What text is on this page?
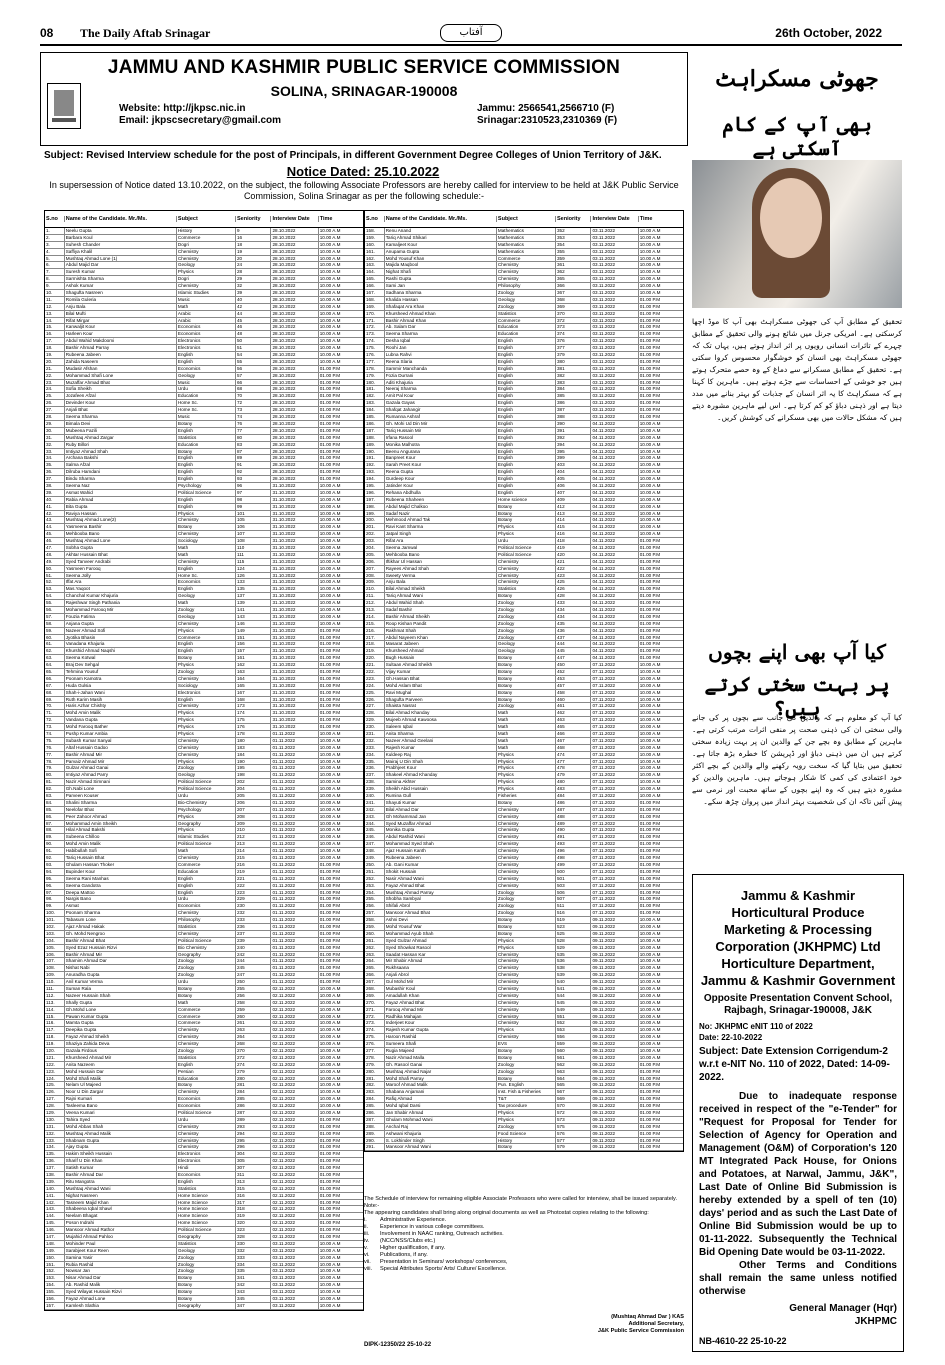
08 The Daily Aftab Srinagar	آفتاب	26th October, 2022
JAMMU AND KASHMIR PUBLIC SERVICE COMMISSION
SOLINA, SRINAGAR-190008
Website: http://jkpsc.nic.in
Email: jkpscsecretary@gmail.com
Jammu: 2566541,2566710 (F)
Srinagar:2310523,2310369 (F)
Subject: Revised Interview schedule for the post of Principals, in different Government Degree Colleges of Union Territory of J&K.
Notice Dated: 25.10.2022
In supersession of Notice dated 13.10.2022, on the subject, the following Associate Professors are hereby called for interview to be held at J&K Public Service Commission, Solina Srinagar as per the following schedule:-
S.no	Name of the Candidate. Mr./Ms.	Subject	Seniority	Interview Date	Time
1.	Neelu Gupta	History	9	28.10.2022	10.00 A.M
2.	Barbara Koul	Commerce	16	28.10.2022	10.00 A.M
3.	Suhesh Chander	Dogri	18	28.10.2022	10.00 A.M
4.	Saffiya Khalil	Chemistry	19	28.10.2022	10.00 A.M
5.	Mushtaq Ahmad Lone (1)	Chemistry	20	28.10.2022	10.00 A.M
6.	Abdul Majid Dar	Geology	24	28.10.2022	10.00 A.M
7.	Suresh Kumar	Physics	28	28.10.2022	10.00 A.M
8.	Sarmishta Sharma	Dogri	29	28.10.2022	10.00 A.M
9.	Ashok Kumar	Chemistry	32	28.10.2022	10.00 A.M
10.	Shagufta Nasreen	Islamic Studies	39	28.10.2022	10.00 A.M
11.	Romila Guleria	Music	40	28.10.2022	10.00 A.M
12.	Anju Bala	Math	42	28.10.2022	10.00 A.M
13.	Bilal Mufti	Arabic	44	28.10.2022	10.00 A.M
14.	Rifat Mirgar	Arabic	45	28.10.2022	10.00 A.M
15.	Kanwaljit Kour	Economics	46	28.10.2022	10.00 A.M
16.	Harleen Kour	Economics	48	28.10.2022	10.00 A.M
17.	Abdul Wahid Makdoomi	Electronics	50	28.10.2022	10.00 A.M
18.	Bashir Ahmad Parray	Electronics	51	28.10.2022	10.00 A.M
19.	Rubeena Jabeen	English	54	28.10.2022	10.00 A.M
20.	Zahida Naseem	English	55	28.10.2022	10.00 A.M
21.	Mudasir Afshan	Economics	56	28.10.2022	01.00 P.M
22.	Mohammad Shafi Lone	Geology	57	28.10.2022	01.00 P.M
23.	Muzaffar Ahmad Bhat	Music	66	28.10.2022	01.00 P.M
24.	Sofia Sheikh	Urdu	68	28.10.2022	01.00 P.M
25.	Jozafeen Afzal	Education	70	28.10.2022	01.00 P.M
26.	Devinder Kour	Home Sc.	72	28.10.2022	01.00 P.M
27.	Anjali Bhat	Home Sc.	73	28.10.2022	01.00 P.M
28.	Seema Sharma	Music	74	28.10.2022	01.00 P.M
29.	Bimala Devi	Botany	76	28.10.2022	01.00 P.M
30.	Mubeena Fazili	English	77	28.10.2022	01.00 P.M
31.	Mushtaq Ahmad Zargar	Statistics	80	28.10.2022	01.00 P.M
32.	Ruby Billori	Education	83	28.10.2022	01.00 P.M
33.	Imtiyaz Ahmad Shah	Botany	87	28.10.2022	01.00 P.M
34.	Archana Bakshi	English	89	28.10.2022	01.00 P.M
35.	Salma Afzal	English	91	28.10.2022	01.00 P.M
36.	Dilruba Hamdani	English	92	28.10.2022	01.00 P.M
37.	Bindu Sharma	English	93	28.10.2022	01.00 P.M
38.	Seema Naz	Psychology	96	31.10.2022	10.00 A.M
39.	Asmat Wahid	Political Science	97	31.10.2022	10.00 A.M
40.	Rabia Ahmad	English	98	31.10.2022	10.00 A.M
41.	Bita Gupta	English	99	31.10.2022	10.00 A.M
42.	Raviya Hassan	Physics	101	31.10.2022	10.00 A.M
43.	Mushtaq Ahmad Lone(2)	Chemistry	105	31.10.2022	10.00 A.M
44.	Yasmeena Bashir	Botany	106	31.10.2022	10.00 A.M
45.	Mehbooba Bano	Chemistry	107	31.10.2022	10.00 A.M
46.	Mushtaq Ahmad Lone	Sociology	108	31.10.2022	10.00 A.M
47.	Sobha Gupta	Math	110	31.10.2022	10.00 A.M
48.	Akhtar Hussain Bhat	Math	111	31.10.2022	10.00 A.M
49.	Syed Tanveer Andrabi	Chemistry	115	31.10.2022	10.00 A.M
50.	Yasmeen Farooq	English	124	31.10.2022	10.00 A.M
51.	Seema Jolly	Home Sc.	126	31.10.2022	10.00 A.M
52.	Iffat Ara	Economics	133	31.10.2022	10.00 A.M
53.	Mas.Yaqoot	English	135	31.10.2022	10.00 A.M
54.	Chanchal Kumar Khajuria	Geology	137	31.10.2022	10.00 A.M
55.	Rajeshwar Singh Pathania	Math	139	31.10.2022	10.00 A.M
56.	Mohammad Farooq Mir	Zoology	141	31.10.2022	10.00 A.M
57.	Fouzia Fatima	Geology	143	31.10.2022	10.00 A.M
58.	Anjana Gupta	Chemistry	146	31.10.2022	10.00 A.M
59.	Nazeer Ahmad Sofi	Physics	149	31.10.2022	01.00 P.M
60.	Jyotika Bhasin	Commerce	151	31.10.2022	01.00 P.M
61.	Vanadana Khajuria	English	156	31.10.2022	01.00 P.M
62.	Khurshid Ahmad Naqshi	English	157	31.10.2022	01.00 P.M
63.	Seema Kotwal	Botany	161	31.10.2022	01.00 P.M
64.	Braj Dev Sehgal	Physics	162	31.10.2022	01.00 P.M
65.	Tehmina Yousuf	Zoology	163	31.10.2022	01.00 P.M
66.	Poonam Kamotra	Chemistry	164	31.10.2022	01.00 P.M
67.	Huda Gulsia	Sociology	165	31.10.2022	01.00 P.M
68.	Shah-i-Jahan Wani	Electronics	167	31.10.2022	01.00 P.M
69.	Ruth Karim Masih	English	168	31.10.2022	01.00 P.M
70.	Haris Azhar Chishty	Chemistry	173	31.10.2022	01.00 P.M
71.	Mohd Amin Malik	Physics	174	31.10.2022	01.00 P.M
72.	Vandana Gupta	Physics	175	31.10.2022	01.00 P.M
73.	Mohd Farooq Bather	Physics	176	31.10.2022	01.00 P.M
74.	Pushp Kumar Ambia	Physics	178	01.11.2022	10.00 A.M
75.	Subash Kumar Sanyal	Chemistry	180	01.11.2022	10.00 A.M
76.	Altaf Hussain Gadoo	Chemistry	183	01.11.2022	10.00 A.M
77.	Bashir Ahmad Mir	Chemistry	184	01.11.2022	10.00 A.M
78.	Parvaiz Ahmad Mir	Physics	190	01.11.2022	10.00 A.M
79.	Gulzar Ahmad Ganai	Zoology	195	01.11.2022	10.00 A.M
80.	Imtiyaz Ahmad Parry	Geology	198	01.11.2022	10.00 A.M
81.	Nazir Ahmad Simnani	Political Science	202	01.11.2022	10.00 A.M
82.	Gh.Nabi Lone	Political Science	204	01.11.2022	10.00 A.M
83.	Parveen Kouser	Urdu	205	01.11.2022	10.00 A.M
84.	Shalini Sharma	Bio-Chemistry	206	01.11.2022	10.00 A.M
85.	Neelofar Bhat	Psychology	207	01.11.2022	10.00 A.M
86.	Peer Zahoor Ahmad	Physics	208	01.11.2022	10.00 A.M
87.	Mohammad Amin Sheikh	Geography	209	01.11.2022	10.00 A.M
88.	Hilal Ahmad Bakshi	Physics	210	01.11.2022	10.00 A.M
89.	Subeena Chilloo	Islamic Studies	212	01.11.2022	10.00 A.M
90.	Mohd Amin Malik	Political Science	213	01.11.2022	10.00 A.M
91.	Habibullah Sofi	Math	214	01.11.2022	10.00 A.M
92.	Tariq Hussain Bhat	Chemistry	215	01.11.2022	10.00 A.M
93.	Ghulam Hassan Thoker	Commerce	216	01.11.2022	01.00 P.M
94.	Bupinder Kour	Education	219	01.11.2022	01.00 P.M
95.	Seema Rani Manhas	English	221	01.11.2022	01.00 P.M
96.	Seema Gandotra	English	222	01.11.2022	01.00 P.M
97.	Deepa Mattoo	English	223	01.11.2022	01.00 P.M
98.	Nargis Bano	Urdu	229	01.11.2022	01.00 P.M
99.	Asmat	Economics	230	01.11.2022	01.00 P.M
100.	Poonam Sharma	Chemistry	232	01.11.2022	01.00 P.M
101.	Tabasum Lone	Philosophy	233	01.11.2022	01.00 P.M
102.	Ajaz Ahmad Hakak	Statistics	236	01.11.2022	01.00 P.M
103.	Gh. Mohd Nengroo	Chemistry	237	01.11.2022	01.00 P.M
104.	Bashir Ahmad Bhat	Political Science	239	01.11.2022	01.00 P.M
105.	Syed Ezaz Hussain Rizvi	Bio Chemistry	240	01.11.2022	01.00 P.M
106.	Bashir Ahmad Mir	Geography	242	01.11.2022	01.00 P.M
107.	Shamim Ahmad Dar	Zoology	244	01.11.2022	01.00 P.M
108.	Nishat Nabi	Zoology	245	01.11.2022	01.00 P.M
109.	Anuradha Gupta	Zoology	247	01.11.2022	01.00 P.M
110.	Anil Kumar Verma	Urdu	250	01.11.2022	01.00 P.M
111.	Suman Rala	Botany	255	02.11.2022	10.00 A.M
112.	Nazeer Hussain Shah	Botany	256	02.11.2022	10.00 A.M
113.	Shally Gupta	Math	258	02.11.2022	10.00 A.M
114.	Gh.Mohd Lone	Commerce	259	02.11.2022	10.00 A.M
115.	Pawan Kumar Gupta	Commerce	260	02.11.2022	10.00 A.M
116.	Mamta Gupta	Commerce	261	02.11.2022	10.00 A.M
117.	Deepika Gupta	Chemistry	263	02.11.2022	10.00 A.M
118.	Fayaz Ahmad Sheikh	Chemistry	264	02.11.2022	10.00 A.M
119.	Shaziya Zahida Deva	Chemistry	268	02.11.2022	10.00 A.M
120.	Gazala Firdous	Zoology	270	02.11.2022	10.00 A.M
121.	Khursheed Ahmad Mir	Statistics	272	02.11.2022	10.00 A.M
122.	Anita Nazeem	English	274	02.11.2022	10.00 A.M
123.	Mohd Hussain Dar	Persian	279	02.11.2022	10.00 A.M
124.	Mohd Shafi Malik	Education	280	02.11.2022	10.00 A.M
125.	Nelam Ul Majeed	Botany	281	02.11.2022	10.00 A.M
126.	Noor U Din Zargar	Chemistry	284	02.11.2022	10.00 A.M
127.	Rajni Kumari	Economics	285	02.11.2022	10.00 A.M
128.	Tasleema Bano	Economics	286	02.11.2022	10.00 A.M
129.	Veena Kumari	Political Science	287	02.11.2022	10.00 A.M
130.	Tahira Syed	Urdu	289	02.11.2022	01.00 P.M
131.	Mohd Abbas Shah	Chemistry	293	02.11.2022	01.00 P.M
132.	Mushtaq Ahmad Malik	Chemistry	294	02.11.2022	01.00 P.M
133.	Shabnam Gupta	Chemistry	295	02.11.2022	01.00 P.M
134.	Ajay Gupta	Chemistry	296	02.11.2022	01.00 P.M
135.	Hakim Sheikh Hussain	Electronics	304	02.11.2022	01.00 P.M
136.	Sharif U Din Khan	Electronics	305	02.11.2022	01.00 P.M
137.	Satish Kumar	Hindi	307	02.11.2022	01.00 P.M
138.	Bashir Ahmad Dar	Economics	311	02.11.2022	01.00 P.M
139.	Ritu Mangotra	English	313	02.11.2022	01.00 P.M
140.	Mushtaq Ahmad Wani	Statistics	315	02.11.2022	01.00 P.M
141.	Nighat Nasreen	Home Science	316	02.11.2022	01.00 P.M
142.	Tasneem Majid Khan	Home Science	317	02.11.2022	01.00 P.M
143.	Shabeena Iqbal Shawl	Home Science	318	02.11.2022	01.00 P.M
144.	Neelam Bhagat	Home Science	319	02.11.2022	01.00 P.M
145.	Poson Indrahi	Home Science	320	02.11.2022	01.00 P.M
146.	Mansoor Ahmad Rathor	Political Science	323	02.11.2022	01.00 P.M
147.	Mujahid Ahmad Pahloo	Geography	328	02.11.2022	01.00 P.M
148.	Mohinder Paul	Statistics	330	03.11.2022	10.00 A.M
149.	Sarabjeet Kour Reen	Geology	332	03.11.2022	10.00 A.M
150.	Samina Yasir	Zoology	333	03.11.2022	10.00 A.M
151.	Rubia Rashid	Zoology	334	03.11.2022	10.00 A.M
152.	Nowsar Jan	Zoology	335	03.11.2022	10.00 A.M
153.	Nisar Ahmad Dar	Botany	341	03.11.2022	10.00 A.M
154.	Ab. Rashid Malik	Botany	342	03.11.2022	10.00 A.M
155.	Syed Wilayat Hussain Rizvi	Botany	343	03.11.2022	10.00 A.M
156.	Fayaz Ahmad Lone	Botany	345	03.11.2022	10.00 A.M
157.	Kamlesh Slathia	Geography	347	03.11.2022	10.00 A.M
S.no	Name of the Candidate. Mr./Ms.	Subject	Seniority	Interview Date	Time
158.	Renu Anand	Mathematics	352	03.11.2022	10.00 A.M
159.	Tariq Ahmad Shikari	Mathematics	353	03.11.2022	10.00 A.M
160.	Kamaljeet Kour	Mathematics	354	03.11.2022	10.00 A.M
161.	Anupama Gupta	Mathematics	355	03.11.2022	10.00 A.M
162.	Mohd Yousuf Khan	Commerce	359	03.11.2022	10.00 A.M
163.	Majida Maqbool	Chemistry	361	03.11.2022	10.00 A.M
164.	Nighat Shafi	Chemistry	362	03.11.2022	10.00 A.M
165.	Rashi Gupta	Chemistry	365	03.11.2022	10.00 A.M
166.	Sami Jan	Philosophy	366	03.11.2022	10.00 A.M
167.	Sadhana Sharma	Zoology	367	03.11.2022	10.00 A.M
168.	Khalida Hassan	Geology	368	03.11.2022	01.00 P.M
169.	Shafaqat Ara Khan	Zoology	369	03.11.2022	01.00 P.M
170.	Khursheed Ahmad Khan	Statistics	370	03.11.2022	01.00 P.M
171.	Bashir Ahmad Khan	Commerce	372	03.11.2022	01.00 P.M
172.	Ab. Salam Dar	Education	373	03.11.2022	01.00 P.M
173.	Seema Sharma	Education	374	03.11.2022	01.00 P.M
174.	Desha Iqbal	English	376	03.11.2022	01.00 P.M
175.	Roohi Jan	English	377	03.11.2022	01.00 P.M
176.	Lubna Rahvi	English	379	03.11.2022	01.00 P.M
177.	Reena Slaria	English	380	03.11.2022	01.00 P.M
178.	Sammir Manchanda	English	381	03.11.2022	01.00 P.M
179.	Fozia Durrani	English	382	03.11.2022	01.00 P.M
180.	Aditi Khajuria	English	383	03.11.2022	01.00 P.M
181.	Neeraj Sharma	English	384	03.11.2022	01.00 P.M
182.	Amit Pal Kour	English	385	03.11.2022	01.00 P.M
183.	Gazala Gayas	English	386	03.11.2022	01.00 P.M
184.	Shafqat Jahangir	English	387	03.11.2022	01.00 P.M
185.	Rumanna Ashraf	English	388	03.11.2022	01.00 P.M
186.	Gh. Mohi Ud Din Mir	English	390	04.11.2022	10.00 A.M
187.	Tariq Hussain Mir	English	391	04.11.2022	10.00 A.M
188.	Irfana Rasool	English	392	04.11.2022	10.00 A.M
189.	Monika Malhotra	English	394	04.11.2022	10.00 A.M
190.	Beenu Angurana	English	395	04.11.2022	10.00 A.M
191.	Banpreet Kour	English	399	04.11.2022	10.00 A.M
192.	Sarah Preet Kour	English	403	04.11.2022	10.00 A.M
193.	Reena Gupta	English	404	04.11.2022	10.00 A.M
194.	Gurdeep Kour	English	405	04.11.2022	10.00 A.M
195.	Jatinder Kour	English	406	04.11.2022	10.00 A.M
196.	Rehana Abdhulla	English	407	04.11.2022	10.00 A.M
197.	Rubeena Shaheen	Home science	409	04.11.2022	10.00 A.M
198.	Abdul Majid Chalkoo	Botany	412	04.11.2022	10.00 A.M
199.	Sadaf Nazir	Botany	413	04.11.2022	10.00 A.M
200.	Mehmood Ahmad Tak	Botany	414	04.11.2022	10.00 A.M
201.	Ravi Kant Sharma	Physics	415	04.11.2022	10.00 A.M
202.	Jatpal Singh	Physics	416	04.11.2022	10.00 A.M
203.	Rifat Ara	Urdu	418	04.11.2022	01.00 P.M
204.	Seema Jamwal	Political Science	419	04.11.2022	01.00 P.M
205.	Mehbooba Bano	Political Science	420	04.11.2022	01.00 P.M
206.	Iftikhar Ul Hassan	Chemistry	421	04.11.2022	01.00 P.M
207.	Rayees Ahmad Shah	Chemistry	422	04.11.2022	01.00 P.M
208.	Sweety Verma	Chemistry	423	04.11.2022	01.00 P.M
209.	Anju Bala	Chemistry	425	04.11.2022	01.00 P.M
210.	Bilal Ahmad Sheikh	Statistics	426	04.11.2022	01.00 P.M
211.	Tariq Ahmad Wani	Botany	428	04.11.2022	01.00 P.M
212.	Abdul Wahid Shah	Zoology	433	04.11.2022	01.00 P.M
213.	Sadaf Bashir	Zoology	434	04.11.2022	01.00 P.M
214.	Bashir Ahmad Sheikh	Zoology	434	04.11.2022	01.00 P.M
215.	Roop Kishan Pandit	Zoology	435	04.11.2022	01.00 P.M
216.	Rakhmat Shah	Zoology	436	04.11.2022	01.00 P.M
217.	Abdul Nayeem Khan	Zoology	437	04.11.2022	01.00 P.M
218.	Masarat Jabeen	Geology	444	04.11.2022	01.00 P.M
219.	Khursheed Ahmad	Geology	445	04.11.2022	01.00 P.M
220.	Bugh Hussain	Botany	447	04.11.2022	01.00 P.M
221.	Sultaan Ahmad Sheikh	Botany	450	07.11.2022	10.00 A.M
222.	Vijay Kumar	Botany	452	07.11.2022	10.00 A.M
223.	Gh.Hassan Bhat	Botany	453	07.11.2022	10.00 A.M
224.	Mohd Aslam Bhat	Botany	457	07.11.2022	10.00 A.M
225.	Ravi Mughal	Botany	458	07.11.2022	10.00 A.M
226.	Shagufta Parveen	Botany	460	07.11.2022	10.00 A.M
227.	Shaista Nasrat	Zoology	461	07.11.2022	10.00 A.M
228.	Bilal Ahmad Khanday	Math	462	07.11.2022	10.00 A.M
229.	Mujeeb Ahmad Kawoosa	Math	463	07.11.2022	10.00 A.M
230.	Saleem Iqbal	Math	465	07.11.2022	10.00 A.M
231.	Anita Sharma	Math	466	07.11.2022	10.00 A.M
232.	Nazeer Ahmad Geelani	Math	467	07.11.2022	10.00 A.M
233.	Rajesh Kumar	Math	468	07.11.2022	10.00 A.M
234.	Kuldeep Raj	Physics	474	07.11.2022	10.00 A.M
235.	Mairaj U Din Shah	Physics	477	07.11.2022	10.00 A.M
236.	Prabhjeet Kour	Physics	478	07.11.2022	10.00 A.M
237.	Shakeel Ahmad Khanday	Physics	479	07.11.2022	10.00 A.M
238.	Samina Akhter	Physics	480	07.11.2022	10.00 A.M
239.	Sheikh Abid Hussain	Physics	483	07.11.2022	10.00 A.M
240.	Rumina Gull	Fisheries	484	07.11.2022	10.00 A.M
241.	Shayuti Kumar	Botany	486	07.11.2022	01.00 P.M
242.	Bilal Ahmad Dar	Chemistry	487	07.11.2022	01.00 P.M
243.	Gh Mohammad Jan	Chemistry	488	07.11.2022	01.00 P.M
244.	Syed Muzaffar Ahmad	Chemistry	489	07.11.2022	01.00 P.M
245.	Monika Gupta	Chemistry	490	07.11.2022	01.00 P.M
246.	Abdul Rashid Wani	Chemistry	491	07.11.2022	01.00 P.M
247.	Mohammad Syed Shah	Chemistry	493	07.11.2022	01.00 P.M
248.	Ajaz Hussain Kanth	Chemistry	496	07.11.2022	01.00 P.M
249.	Rubeena Jabeen	Chemistry	498	07.11.2022	01.00 P.M
250.	Ab. Gani Kumar	Chemistry	499	07.11.2022	01.00 P.M
251.	Shokit Hussain	Chemistry	500	07.11.2022	01.00 P.M
252.	Nasir Ahmad Wani	Chemistry	501	07.11.2022	01.00 P.M
253.	Fayaz Ahmad Bhat	Chemistry	503	07.11.2022	01.00 P.M
254.	Mushtaq Ahmad Parray	Zoology	506	07.11.2022	01.00 P.M
255.	Shobha Sambyal	Zoology	507	07.11.2022	01.00 P.M
256.	Shifali Abrol	Zoology	511	07.11.2022	01.00 P.M
257.	Mansoor Ahmad Bhat	Zoology	516	07.11.2022	01.00 P.M
258.	Ashni Devi	Botany	519	09.11.2022	10.00 A.M
259.	Mohd Yousuf War	Botany	523	09.11.2022	10.00 A.M
260.	Mohammad Ayub Shah	Botany	525	09.11.2022	10.00 A.M
261.	Syed Gulzar Ahmad	Physics	528	09.11.2022	10.00 A.M
262.	Syed Showkat Rasool	Physics	529	09.11.2022	10.00 A.M
263.	Saadat Hassan Kar	Chemistry	535	09.11.2022	10.00 A.M
264.	Mir Shabir Ahmad	Chemistry	536	09.11.2022	10.00 A.M
265.	Rukhsaana	Chemistry	538	09.11.2022	10.00 A.M
266.	Anjali Abrol	Chemistry	539	09.11.2022	10.00 A.M
267.	Gul Mohd Mir	Chemistry	540	09.11.2022	10.00 A.M
268.	Mubashir Koul	Chemistry	541	09.11.2022	10.00 A.M
269.	Amadullah Khan	Chemistry	544	09.11.2022	10.00 A.M
270.	Fayaz Ahmad Bhat	Chemistry	545	09.11.2022	10.00 A.M
271.	Farooq Ahmad Mir	Chemistry	549	09.11.2022	10.00 A.M
272.	Radhika Mahajan	Chemistry	551	09.11.2022	10.00 A.M
273.	Inderjeet Kour	Chemistry	552	09.11.2022	10.00 A.M
274.	Rajesh Kumar Gupta	Physics	553	09.11.2022	10.00 A.M
275.	Haroon Rashid	Chemistry	556	09.11.2022	10.00 A.M
276.	Sumeera Shafi	EVS	559	09.11.2022	10.00 A.M
277.	Rugia Majeed	Botany	560	09.11.2022	10.00 A.M
278.	Nazir Ahmad Malla	Botany	561	09.11.2022	10.00 A.M
279.	Gh. Rasool Ganai	Zoology	562	09.11.2022	01.00 P.M
280.	Mushtaq Ahmad Najar	Zoology	563	09.11.2022	01.00 P.M
281.	Mohd Shafi Parray	Botany	564	09.11.2022	01.00 P.M
282.	Maroof Ahmad Malik	Pun. English	565	09.11.2022	01.00 P.M
283.	Shabana Anjamani	Inst. Fish & Fisheries	567	09.11.2022	01.00 P.M
284.	Rafiq Ahmad	T&T	569	09.11.2022	01.00 P.M
285.	Mohd Iqbal Darsi	Tax procedure	570	09.11.2022	01.00 P.M
286.	Jan Shabir Ahmad	Physics	572	09.11.2022	01.00 P.M
287.	Ghulam Mohmad Wani	Physics	573	09.11.2022	01.00 P.M
288.	Anchal Raj	Zoology	575	09.11.2022	01.00 P.M
289.	Ashwani Khajuria	Food Science	576	09.11.2022	01.00 P.M
290.	S. Lokhinder Singh	History	577	09.11.2022	01.00 P.M
291.	Mansoor Ahmad Wani	Botany	579	09.11.2022	01.00 P.M
The Schedule of interview for remaining eligible Associate Professors who were called for interview, shall be issued separately.
Note:-
The appearing candidates shall bring along original documents as well as Photostat copies relating to the following:
i. Administrative Experience.
ii. Experience in various college committees.
iii. Involvement in NAAC ranking, Outreach activities.
iv. (NCC/NSS/Clubs etc.)
v. Higher qualification, if any.
vi. Publications, if any.
vii. Presentation in Seminars/ workshops/ conferences,
viii. Special Attributes Sports/ Arts/ Culture/ Excellence.
(Mushtaq Ahmad Dar ) KAS
Additional Secretary,
J&K Public Service Commission
DIPK-12350/22 25-10-22
جھوٹی مسکراہٹ
بھی آپ کے کام آسکتی ہے
تحقیق کے مطابق آپ کی جھوٹی مسکراہٹ بھی آپ کا موڈ اچھا کرسکتی ہے۔ امریکی جرنل میں شائع ہونے والی تحقیق کے مطابق چہرے کے تاثرات انسانی رویوں پر اثر انداز ہوتے ہیں، یہاں تک کہ جھوٹی مسکراہٹ بھی انسان کو خوشگوار محسوس کروا سکتی ہے۔ تحقیق کے مطابق مسکرانے سے دماغ کے وہ حصے متحرک ہوتے ہیں جو خوشی کے احساسات سے جڑے ہوتے ہیں۔ ماہرین کا کہنا ہے کہ مسکراہٹ کا یہ اثر انسان کے جذبات کو بہتر بنانے میں مدد دیتا ہے اور ذہنی دباؤ کو کم کرتا ہے۔ اس لیے ماہرین مشورہ دیتے ہیں کہ مشکل حالات میں بھی مسکرانے کی کوشش کریں۔
کیا آپ بھی اپنے بچوں
پر بہت سختی کرتے ہیں؟
کیا آپ کو معلوم ہے کہ والدین کی جانب سے بچوں پر کی جانے والی سختی ان کی ذہنی صحت پر منفی اثرات مرتب کرتی ہے۔ ماہرین کے مطابق وہ بچے جن کے والدین ان پر بہت زیادہ سختی کرتے ہیں ان میں ذہنی دباؤ اور ڈپریشن کا خطرہ بڑھ جاتا ہے۔ تحقیق میں بتایا گیا کہ سخت رویہ رکھنے والے والدین کے بچے اکثر خود اعتمادی کی کمی کا شکار ہوجاتے ہیں۔ ماہرین والدین کو مشورہ دیتے ہیں کہ وہ اپنے بچوں کے ساتھ محبت اور نرمی سے پیش آئیں تاکہ ان کی شخصیت بہتر انداز میں پروان چڑھ سکے۔
Jammu & Kashmir
Horticultural Produce
Marketing & Processing
Corporation (JKHPMC) Ltd
Horticulture Department,
Jammu & Kashmir Government
Opposite Presentation Convent School,
Rajbagh, Srinagar-190008, J&K
No: JKHPMC eNIT 110 of 2022
Date: 22-10-2022
Subject: Date Extension Corrigendum-2 w.r.t e-NIT No. 110 of 2022, Dated: 14-09-2022.
Due to inadequate response received in respect of the "e-Tender" for "Request for Proposal for Tender for Selection of Agency for Operation and Management (O&M) of Corporation's 120 MT Integrated Pack House, for Onions and Potatoes, at Narwal, Jammu, J&K", Last Date of Online Bid Submission is hereby extended by a spell of ten (10) days' period and as such the Last Date of Online Bid Submission would be up to 01-11-2022. Subsequently the Technical Bid Opening Date would be 03-11-2022.
Other Terms and Conditions shall remain the same unless notified otherwise
General Manager (Hqr)
JKHPMC
NB-4610-22 25-10-22
